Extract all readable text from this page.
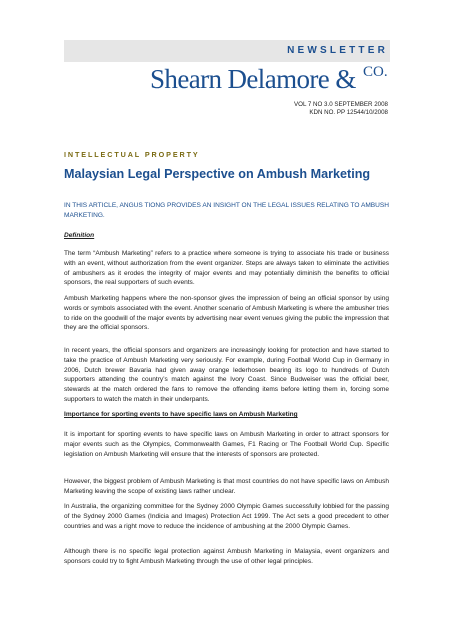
NEWSLETTER
Shearn Delamore & CO.
VOL 7 NO 3.0 SEPTEMBER 2008
KDN NO. PP 12544/10/2008
INTELLECTUAL PROPERTY
Malaysian Legal Perspective on Ambush Marketing
IN THIS ARTICLE, ANGUS TIONG PROVIDES AN INSIGHT ON THE LEGAL ISSUES RELATING TO AMBUSH MARKETING.
Definition

The term “Ambush Marketing” refers to a practice where someone is trying to associate his trade or business with an event, without authorization from the event organizer. Steps are always taken to eliminate the activities of ambushers as it erodes the integrity of major events and may potentially diminish the benefits to official sponsors, the real supporters of such events.

Ambush Marketing happens where the non-sponsor gives the impression of being an official sponsor by using words or symbols associated with the event. Another scenario of Ambush Marketing is where the ambusher tries to ride on the goodwill of the major events by advertising near event venues giving the public the impression that they are the official sponsors.

In recent years, the official sponsors and organizers are increasingly looking for protection and have started to take the practice of Ambush Marketing very seriously. For example, during Football World Cup in Germany in 2006, Dutch brewer Bavaria had given away orange lederhosen bearing its logo to hundreds of Dutch supporters attending the country’s match against the Ivory Coast. Since Budweiser was the official beer, stewards at the match ordered the fans to remove the offending items before letting them in, forcing some supporters to watch the match in their underpants.

Importance for sporting events to have specific laws on Ambush Marketing

It is important for sporting events to have specific laws on Ambush Marketing in order to attract sponsors for major events such as the Olympics, Commonwealth Games, F1 Racing or The Football World Cup. Specific legislation on Ambush Marketing will ensure that the interests of sponsors are protected.

However, the biggest problem of Ambush Marketing is that most countries do not have specific laws on Ambush Marketing leaving the scope of existing laws rather unclear.

In Australia, the organizing committee for the Sydney 2000 Olympic Games successfully lobbied for the passing of the Sydney 2000 Games (Indicia and Images) Protection Act 1999. The Act sets a good precedent to other countries and was a right move to reduce the incidence of ambushing at the 2000 Olympic Games.

Although there is no specific legal protection against Ambush Marketing in Malaysia, event organizers and sponsors could try to fight Ambush Marketing through the use of other legal principles.
